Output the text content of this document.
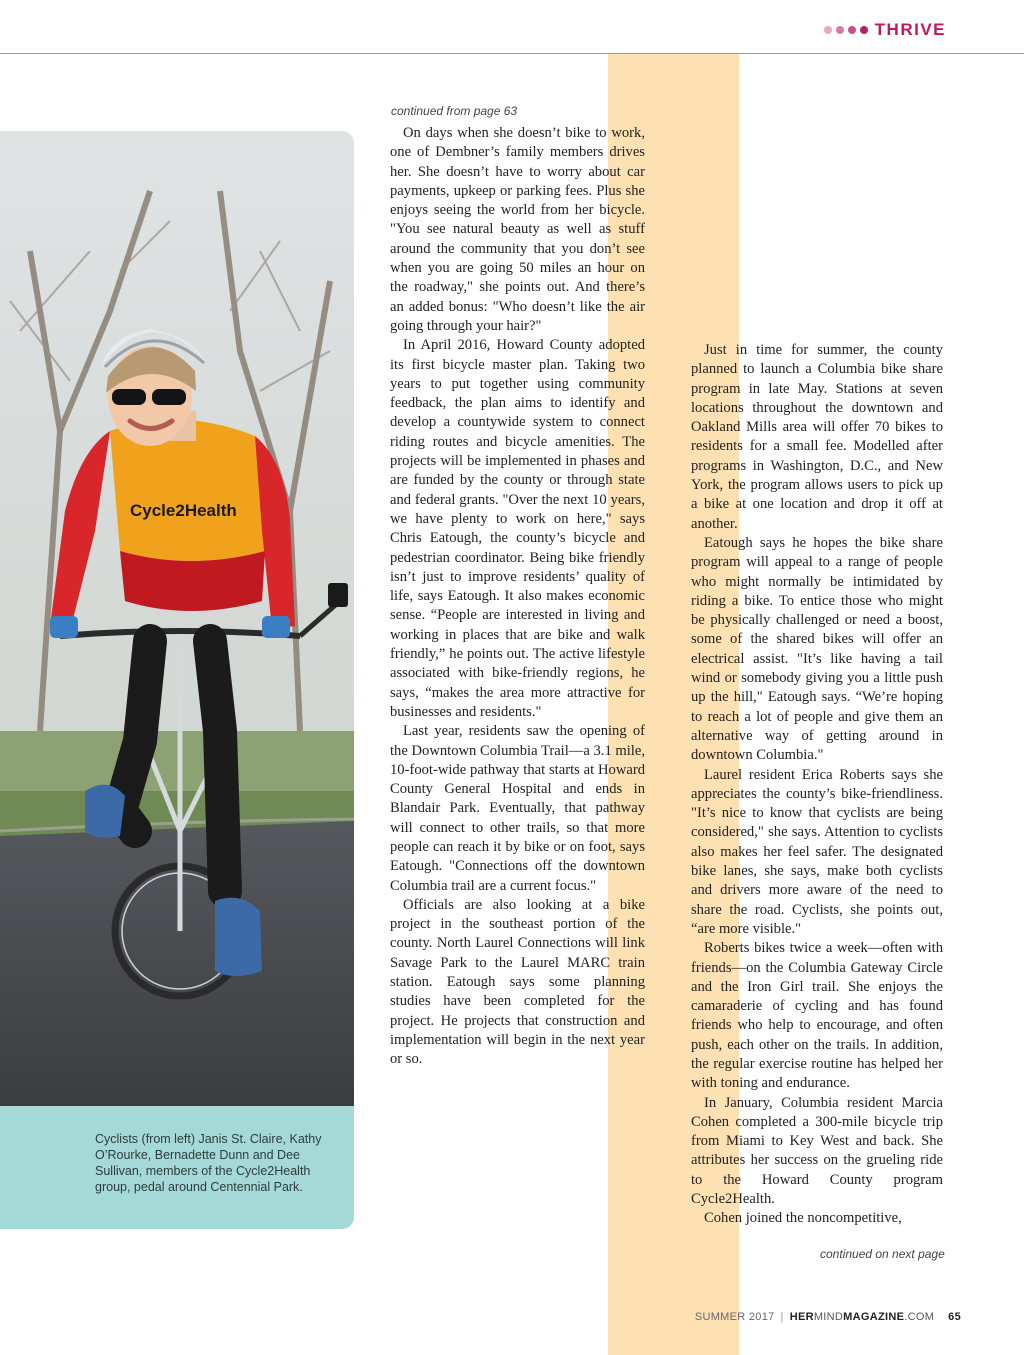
THRIVE
Cycle2Health
Cyclists (from left) Janis St. Claire, Kathy O’Rourke, Bernadette Dunn and Dee Sullivan, members of the Cycle2Health group, pedal around Centennial Park.
continued from page 63

On days when she doesn’t bike to work, one of Dembner’s family members drives her. She doesn’t have to worry about car payments, upkeep or parking fees. Plus she enjoys seeing the world from her bicycle. "You see natural beauty as well as stuff around the community that you don’t see when you are going 50 miles an hour on the roadway," she points out. And there’s an added bonus: "Who doesn’t like the air going through your hair?"

In April 2016, Howard County adopted its first bicycle master plan. Taking two years to put together using community feedback, the plan aims to identify and develop a countywide system to connect riding routes and bicycle amenities. The projects will be implemented in phases and are funded by the county or through state and federal grants. "Over the next 10 years, we have plenty to work on here," says Chris Eatough, the county’s bicycle and pedestrian coordinator. Being bike friendly isn’t just to improve residents’ quality of life, says Eatough. It also makes economic sense. “People are interested in living and working in places that are bike and walk friendly,” he points out. The active lifestyle associated with bike-friendly regions, he says, “makes the area more attractive for businesses and residents."

Last year, residents saw the opening of the Downtown Columbia Trail—a 3.1 mile, 10-foot-wide pathway that starts at Howard County General Hospital and ends in Blandair Park. Eventually, that pathway will connect to other trails, so that more people can reach it by bike or on foot, says Eatough. "Connections off the downtown Columbia trail are a current focus."

Officials are also looking at a bike project in the southeast portion of the county. North Laurel Connections will link Savage Park to the Laurel MARC train station. Eatough says some planning studies have been completed for the project. He projects that construction and implementation will begin in the next year or so.

Just in time for summer, the county planned to launch a Columbia bike share program in late May. Stations at seven locations throughout the downtown and Oakland Mills area will offer 70 bikes to residents for a small fee. Modelled after programs in Washington, D.C., and New York, the program allows users to pick up a bike at one location and drop it off at another.

Eatough says he hopes the bike share program will appeal to a range of people who might normally be intimidated by riding a bike. To entice those who might be physically challenged or need a boost, some of the shared bikes will offer an electrical assist. "It’s like having a tail wind or somebody giving you a little push up the hill," Eatough says. “We’re hoping to reach a lot of people and give them an alternative way of getting around in downtown Columbia."

Laurel resident Erica Roberts says she appreciates the county’s bike-friendliness. "It’s nice to know that cyclists are being considered," she says. Attention to cyclists also makes her feel safer. The designated bike lanes, she says, make both cyclists and drivers more aware of the need to share the road. Cyclists, she points out, “are more visible."

Roberts bikes twice a week—often with friends—on the Columbia Gateway Circle and the Iron Girl trail. She enjoys the camaraderie of cycling and has found friends who help to encourage, and often push, each other on the trails. In addition, the regular exercise routine has helped her with toning and endurance.

In January, Columbia resident Marcia Cohen completed a 300-mile bicycle trip from Miami to Key West and back. She attributes her success on the grueling ride to the Howard County program Cycle2Health.

Cohen joined the noncompetitive,

continued on next page
SUMMER 2017 | HERMINDMAGAZINE.COM 65
